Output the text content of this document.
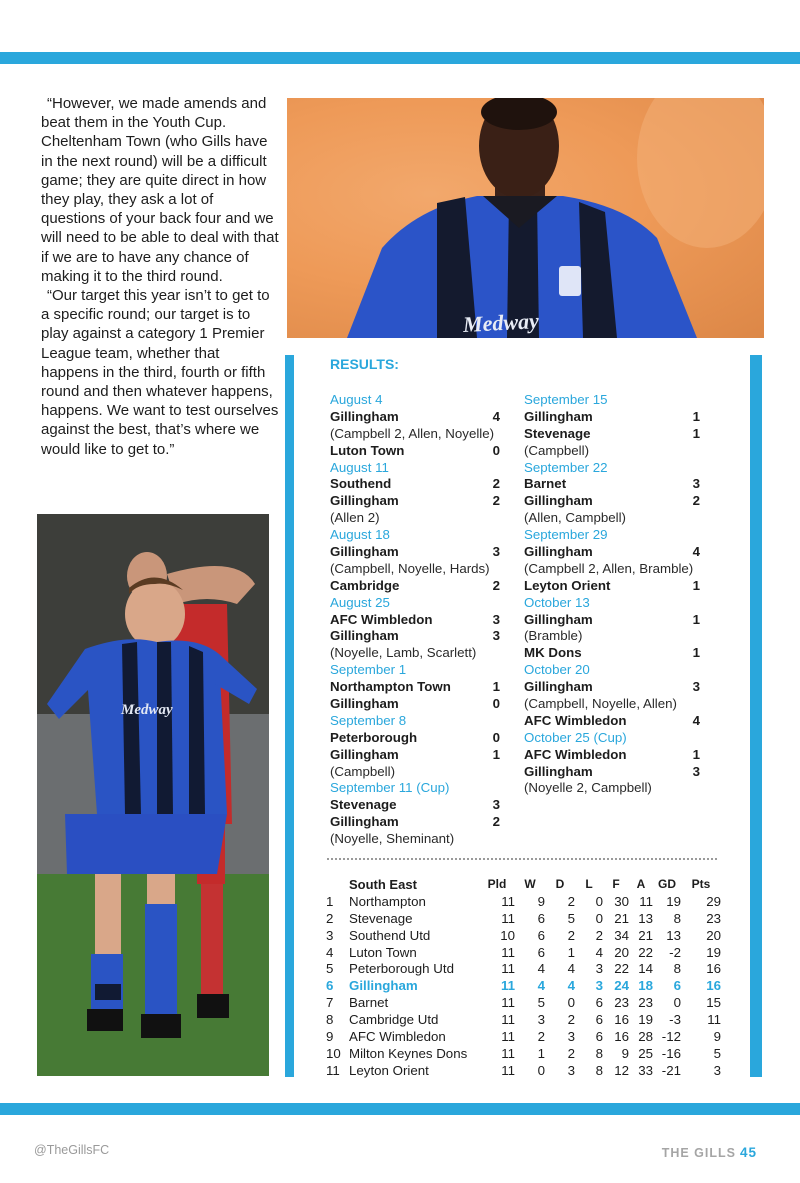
“However, we made amends and beat them in the Youth Cup. Cheltenham Town (who Gills have in the next round) will be a difficult game; they are quite direct in how they play, they ask a lot of questions of your back four and we will need to be able to deal with that if we are to have any chance of making it to the third round.

“Our target this year isn’t to get to a specific round; our target is to play against a category 1 Premier League team, whether that happens in the third, fourth or fifth round and then whatever happens, happens. We want to test ourselves against the best, that’s where we would like to get to.”

Medway
Medway
RESULTS:
August 4
Gillingham	4
(Campbell 2, Allen, Noyelle)
Luton Town	0
August 11
Southend	2
Gillingham	2
(Allen 2)
August 18
Gillingham	3
(Campbell, Noyelle, Hards)
Cambridge	2
August 25
AFC Wimbledon	3
Gillingham	3
(Noyelle, Lamb, Scarlett)
September 1
Northampton Town	1
Gillingham	0
September 8
Peterborough	0
Gillingham	1
(Campbell)
September 11 (Cup)
Stevenage	3
Gillingham	2
(Noyelle, Sheminant)
September 15
Gillingham	1
Stevenage	1
(Campbell)
September 22
Barnet	3
Gillingham	2
(Allen, Campbell)
September 29
Gillingham	4
(Campbell 2, Allen, Bramble)
Leyton Orient	1
October 13
Gillingham	1
(Bramble)
MK Dons	1
October 20
Gillingham	3
(Campbell, Noyelle, Allen)
AFC Wimbledon	4
October 25 (Cup)
AFC Wimbledon	1
Gillingham	3
(Noyelle 2, Campbell)
South East		Pld	W	D	L	F	A	GD	Pts
1	Northampton	11	9	2	0	30	11	19	29
2	Stevenage	11	6	5	0	21	13	8	23
3	Southend Utd	10	6	2	2	34	21	13	20
4	Luton Town	11	6	1	4	20	22	-2	19
5	Peterborough Utd	11	4	4	3	22	14	8	16
6	Gillingham	11	4	4	3	24	18	6	16
7	Barnet	11	5	0	6	23	23	0	15
8	Cambridge Utd	11	3	2	6	16	19	-3	11
9	AFC Wimbledon	11	2	3	6	16	28	-12	9
10	Milton Keynes Dons	11	1	2	8	9	25	-16	5
11	Leyton Orient	11	0	3	8	12	33	-21	3
@TheGillsFC	THE GILLS 45
